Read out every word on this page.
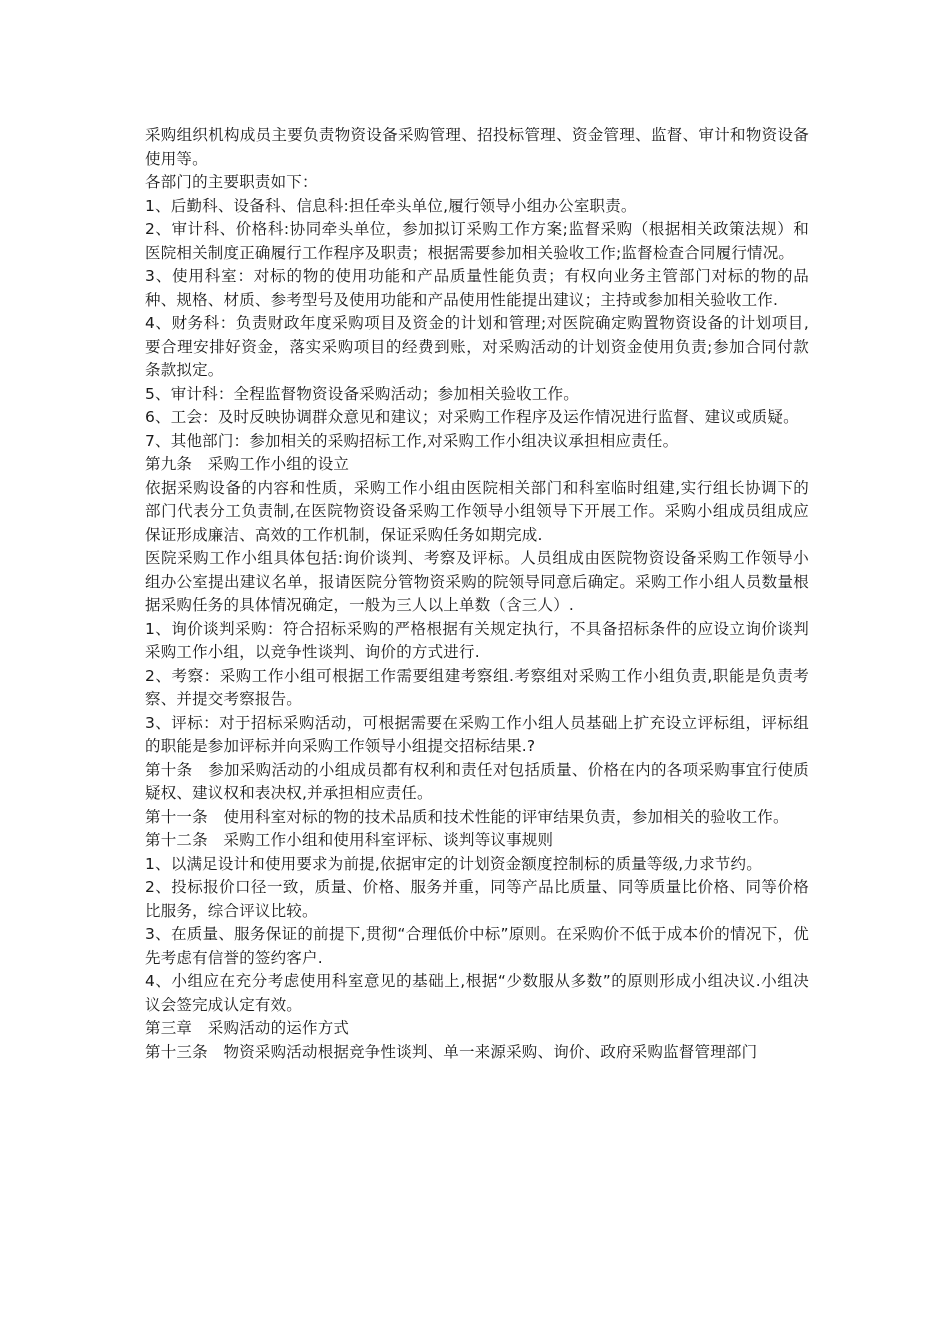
采购组织机构成员主要负责物资设备采购管理、招投标管理、资金管理、监督、审计和物资设备使用等。

各部门的主要职责如下：

1、后勤科、设备科、信息科:担任牵头单位,履行领导小组办公室职责。

2、审计科、价格科:协同牵头单位，参加拟订采购工作方案;监督采购（根据相关政策法规）和医院相关制度正确履行工作程序及职责；根据需要参加相关验收工作;监督检查合同履行情况。

3、使用科室：对标的物的使用功能和产品质量性能负责；有权向业务主管部门对标的物的品种、规格、材质、参考型号及使用功能和产品使用性能提出建议；主持或参加相关验收工作.

4、财务科：负责财政年度采购项目及资金的计划和管理;对医院确定购置物资设备的计划项目,要合理安排好资金，落实采购项目的经费到账，对采购活动的计划资金使用负责;参加合同付款条款拟定。

5、审计科：全程监督物资设备采购活动；参加相关验收工作。

6、工会：及时反映协调群众意见和建议；对采购工作程序及运作情况进行监督、建议或质疑。

7、其他部门：参加相关的采购招标工作,对采购工作小组决议承担相应责任。

第九条　采购工作小组的设立

依据采购设备的内容和性质，采购工作小组由医院相关部门和科室临时组建,实行组长协调下的部门代表分工负责制,在医院物资设备采购工作领导小组领导下开展工作。采购小组成员组成应保证形成廉洁、高效的工作机制，保证采购任务如期完成.

医院采购工作小组具体包括:询价谈判、考察及评标。人员组成由医院物资设备采购工作领导小组办公室提出建议名单，报请医院分管物资采购的院领导同意后确定。采购工作小组人员数量根据采购任务的具体情况确定，一般为三人以上单数（含三人）.

1、询价谈判采购：符合招标采购的严格根据有关规定执行，不具备招标条件的应设立询价谈判采购工作小组，以竞争性谈判、询价的方式进行.

2、考察：采购工作小组可根据工作需要组建考察组.考察组对采购工作小组负责,职能是负责考察、并提交考察报告。

3、评标：对于招标采购活动，可根据需要在采购工作小组人员基础上扩充设立评标组，评标组的职能是参加评标并向采购工作领导小组提交招标结果.?

第十条　参加采购活动的小组成员都有权利和责任对包括质量、价格在内的各项采购事宜行使质疑权、建议权和表决权,并承担相应责任。

第十一条　使用科室对标的物的技术品质和技术性能的评审结果负责，参加相关的验收工作。

第十二条　采购工作小组和使用科室评标、谈判等议事规则

1、以满足设计和使用要求为前提,依据审定的计划资金额度控制标的质量等级,力求节约。

2、投标报价口径一致，质量、价格、服务并重，同等产品比质量、同等质量比价格、同等价格比服务，综合评议比较。

3、在质量、服务保证的前提下,贯彻“合理低价中标”原则。在采购价不低于成本价的情况下，优先考虑有信誉的签约客户.

4、小组应在充分考虑使用科室意见的基础上,根据“少数服从多数”的原则形成小组决议.小组决议会签完成认定有效。

第三章　采购活动的运作方式

第十三条　物资采购活动根据竞争性谈判、单一来源采购、询价、政府采购监督管理部门
